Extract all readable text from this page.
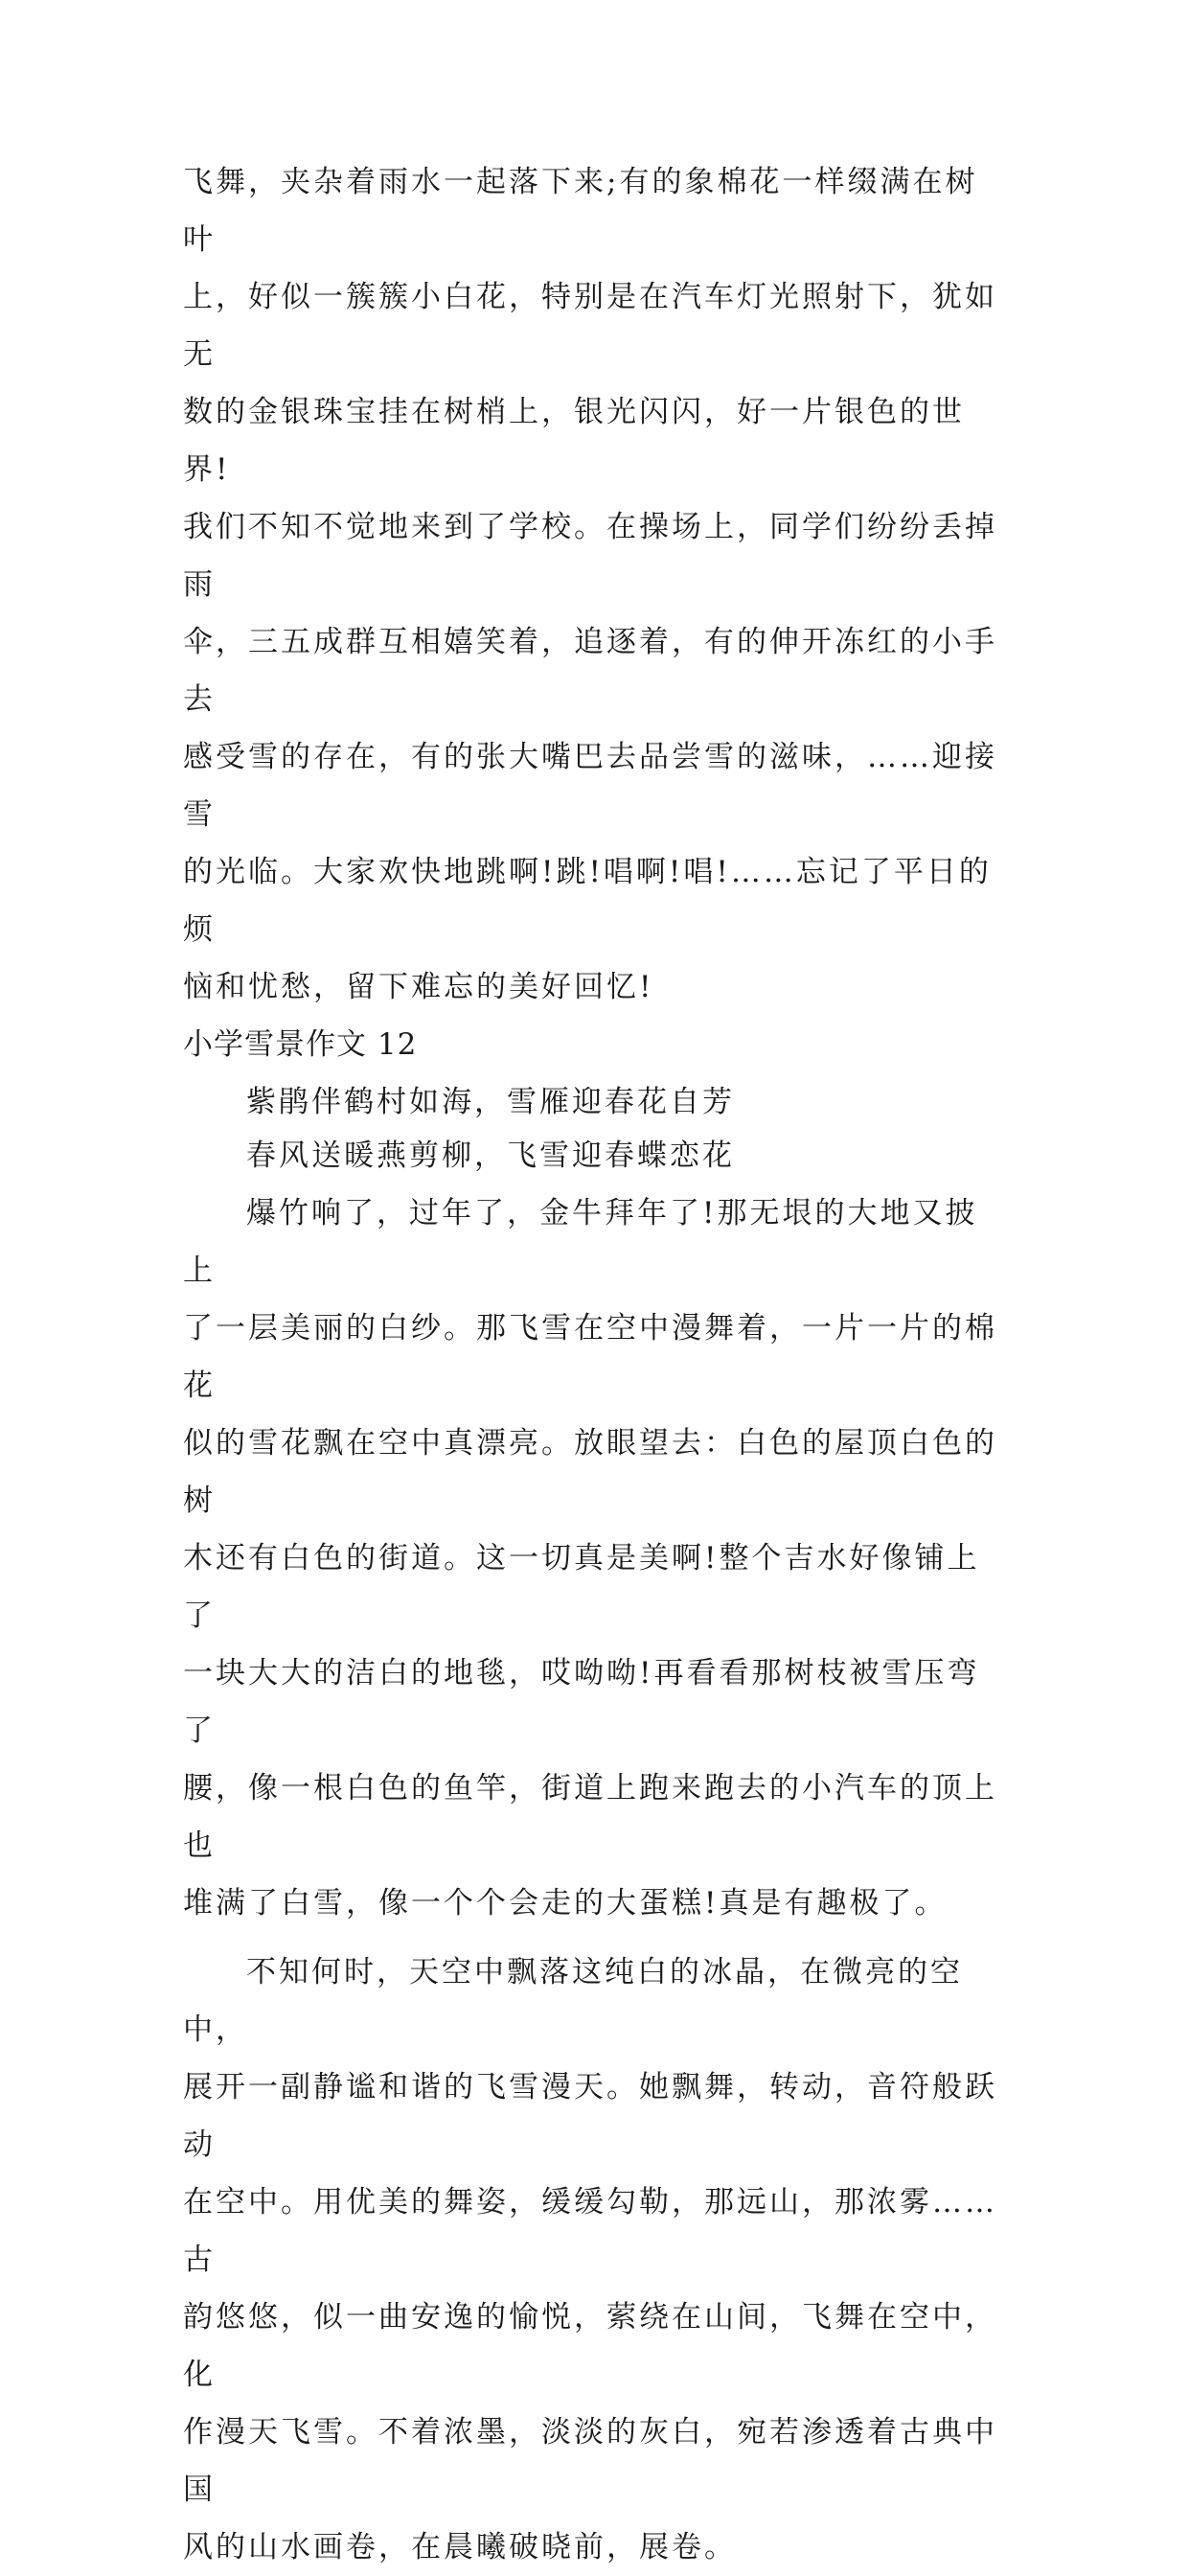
飞舞，夹杂着雨水一起落下来;有的象棉花一样缀满在树叶
上，好似一簇簇小白花，特别是在汽车灯光照射下，犹如无
数的金银珠宝挂在树梢上，银光闪闪，好一片银色的世界!
我们不知不觉地来到了学校。在操场上，同学们纷纷丢掉雨
伞，三五成群互相嬉笑着，追逐着，有的伸开冻红的小手去
感受雪的存在，有的张大嘴巴去品尝雪的滋味，……迎接雪
的光临。大家欢快地跳啊!跳!唱啊!唱!……忘记了平日的烦
恼和忧愁，留下难忘的美好回忆!
小学雪景作文 12
紫鹃伴鹤村如海，雪雁迎春花自芳
春风送暖燕剪柳，飞雪迎春蝶恋花
爆竹响了，过年了，金牛拜年了!那无垠的大地又披上
了一层美丽的白纱。那飞雪在空中漫舞着，一片一片的棉花
似的雪花飘在空中真漂亮。放眼望去：白色的屋顶白色的树
木还有白色的街道。这一切真是美啊!整个吉水好像铺上了
一块大大的洁白的地毯，哎呦呦!再看看那树枝被雪压弯了
腰，像一根白色的鱼竿，街道上跑来跑去的小汽车的顶上也
堆满了白雪，像一个个会走的大蛋糕!真是有趣极了。
不知何时，天空中飘落这纯白的冰晶，在微亮的空中，
展开一副静谧和谐的飞雪漫天。她飘舞，转动，音符般跃动
在空中。用优美的舞姿，缓缓勾勒，那远山，那浓雾……古
韵悠悠，似一曲安逸的愉悦，萦绕在山间，飞舞在空中，化
作漫天飞雪。不着浓墨，淡淡的灰白，宛若渗透着古典中国
风的山水画卷，在晨曦破晓前，展卷。
